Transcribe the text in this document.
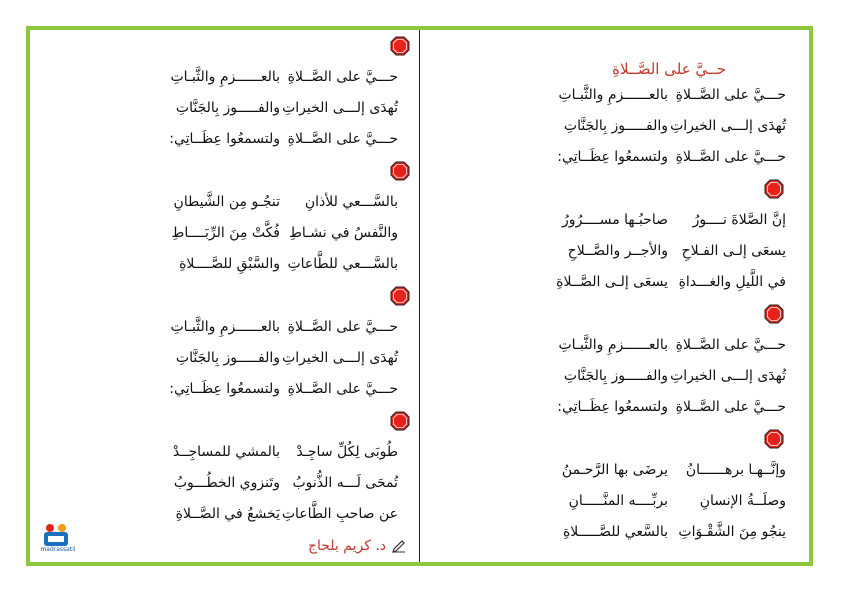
حــيَّ على الصَّــلاةِ
حـــيَّ على الصَّــلاةِ
بالعــــــزمِ والثَّبـاتِ
تُهدَى إلـــى الخيراتِ
والفـــــوز بِالجَنَّاتِ
حـــيَّ على الصَّــلاةِ
ولتسمعُوا عِظَــاتِي:
إنَّ الصَّلاةَ نــــورُ
صاحبُـها مســــرُورُ
يسعَى إلـى الفـلاحِ
والأجــر والصَّــلاحِ
في اللَّيلِ والغـــداةِ
يسعَى إلـى الصَّــلاةِ
حـــيَّ على الصَّــلاةِ
بالعــــــزمِ والثَّبـاتِ
تُهدَى إلـــى الخيراتِ
والفـــــوز بِالجَنَّاتِ
حـــيَّ على الصَّــلاةِ
ولتسمعُوا عِظَــاتِي:
وإنَّــهـا برهــــــانُ
يرضَى بها الرَّحـمنُ
وصلَــةُ الإنسانِ
بربِّــــه المنَّـــــانِ
ينجُو مِنَ الشَّقْـوَاتِ
بالسَّعي للصَّـــــلاةِ
حـــيَّ على الصَّــلاةِ
بالعــــــزمِ والثَّبـاتِ
تُهدَى إلـــى الخيراتِ
والفـــــوز بِالجَنَّاتِ
حـــيَّ على الصَّــلاةِ
ولتسمعُوا عِظَــاتِي:
بالسَّـــعي للأذانِ
تنجُـو مِن الشَّيطانِ
والنَّفسُ في نشـاطِ
فُكَّتْ مِنَ الرِّبَــــاطِ
بالسَّـــعي للطَّاعاتِ
والسَّبْقِ للصَّــــلاةِ
حـــيَّ على الصَّــلاةِ
بالعــــــزمِ والثَّبـاتِ
تُهدَى إلـــى الخيراتِ
والفـــــوز بِالجَنَّاتِ
حـــيَّ على الصَّــلاةِ
ولتسمعُوا عِظَــاتِي:
طُوبَى لِكُلِّ ساجِـدْ
بالمشي للمساجِــدْ
تُمحَى لَـــه الذُّنوبُ
وتَنزوي الخطُـــوبُ
عن صاحبِ الطَّاعاتِ
يَخشعُ في الصَّــلاةِ
د. كريم بلحاج
madrassatii
